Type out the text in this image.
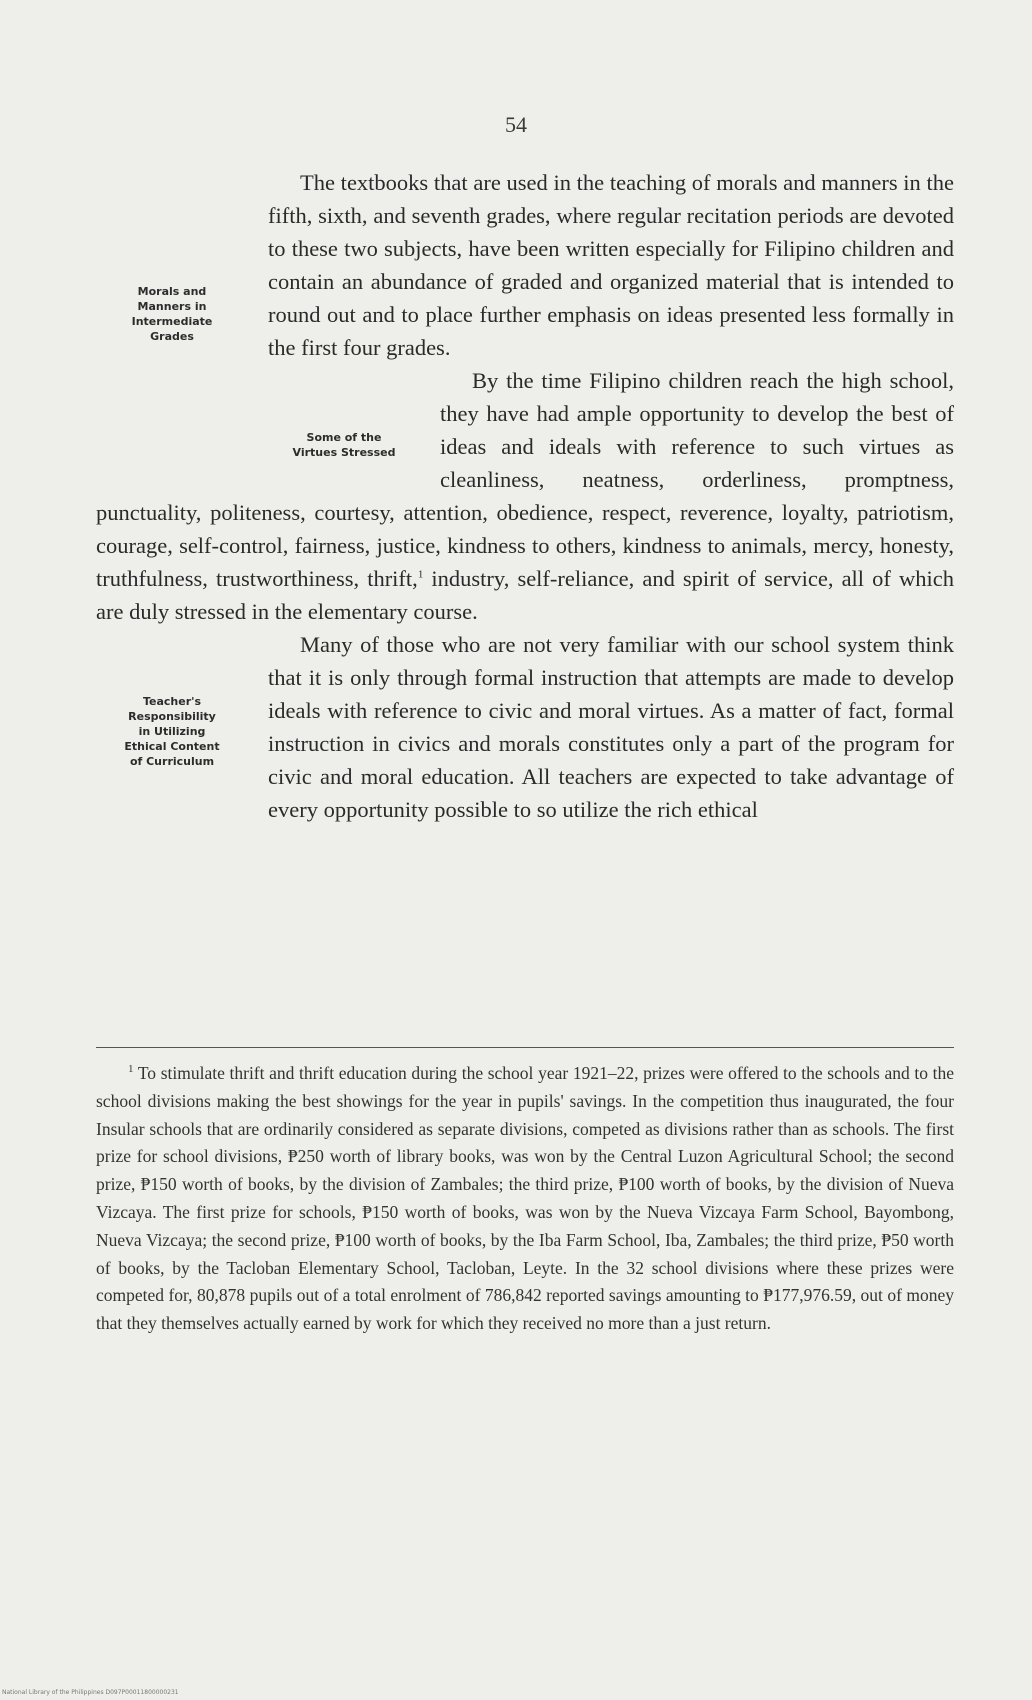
54
Morals and
Manners in
Intermediate
Grades

The textbooks that are used in the teaching of morals and manners in the fifth, sixth, and seventh grades, where regular recitation periods are devoted to these two subjects, have been written especially for Filipino children and contain an abundance of graded and organized material that is intended to round out and to place further emphasis on ideas presented less formally in the first four grades.

Some of the
Virtues Stressed

By the time Filipino children reach the high school, they have had ample opportunity to develop the best of ideas and ideals with reference to such virtues as cleanliness, neatness, orderliness, promptness, punctuality, politeness, courtesy, attention, obedience, respect, reverence, loyalty, patriotism, courage, self-control, fairness, justice, kindness to others, kindness to animals, mercy, honesty, truthfulness, trustworthiness, thrift,$^1$ industry, self-reliance, and spirit of service, all of which are duly stressed in the elementary course.

Teacher's
Responsibility
in Utilizing
Ethical Content
of Curriculum

Many of those who are not very familiar with our school system think that it is only through formal instruction that attempts are made to develop ideals with reference to civic and moral virtues. As a matter of fact, formal instruction in civics and morals constitutes only a part of the program for civic and moral education. All teachers are expected to take advantage of every opportunity possible to so utilize the rich ethical

$^1$ To stimulate thrift and thrift education during the school year 1921–22, prizes were offered to the schools and to the school divisions making the best showings for the year in pupils' savings. In the competition thus inaugurated, the four Insular schools that are ordinarily considered as separate divisions, competed as divisions rather than as schools. The first prize for school divisions, ₱250 worth of library books, was won by the Central Luzon Agricultural School; the second prize, ₱150 worth of books, by the division of Zambales; the third prize, ₱100 worth of books, by the division of Nueva Vizcaya. The first prize for schools, ₱150 worth of books, was won by the Nueva Vizcaya Farm School, Bayombong, Nueva Vizcaya; the second prize, ₱100 worth of books, by the Iba Farm School, Iba, Zambales; the third prize, ₱50 worth of books, by the Tacloban Elementary School, Tacloban, Leyte. In the 32 school divisions where these prizes were competed for, 80,878 pupils out of a total enrolment of 786,842 reported savings amounting to ₱177,976.59, out of money that they themselves actually earned by work for which they received no more than a just return.

National Library of the Philippines D097P00011800000231
